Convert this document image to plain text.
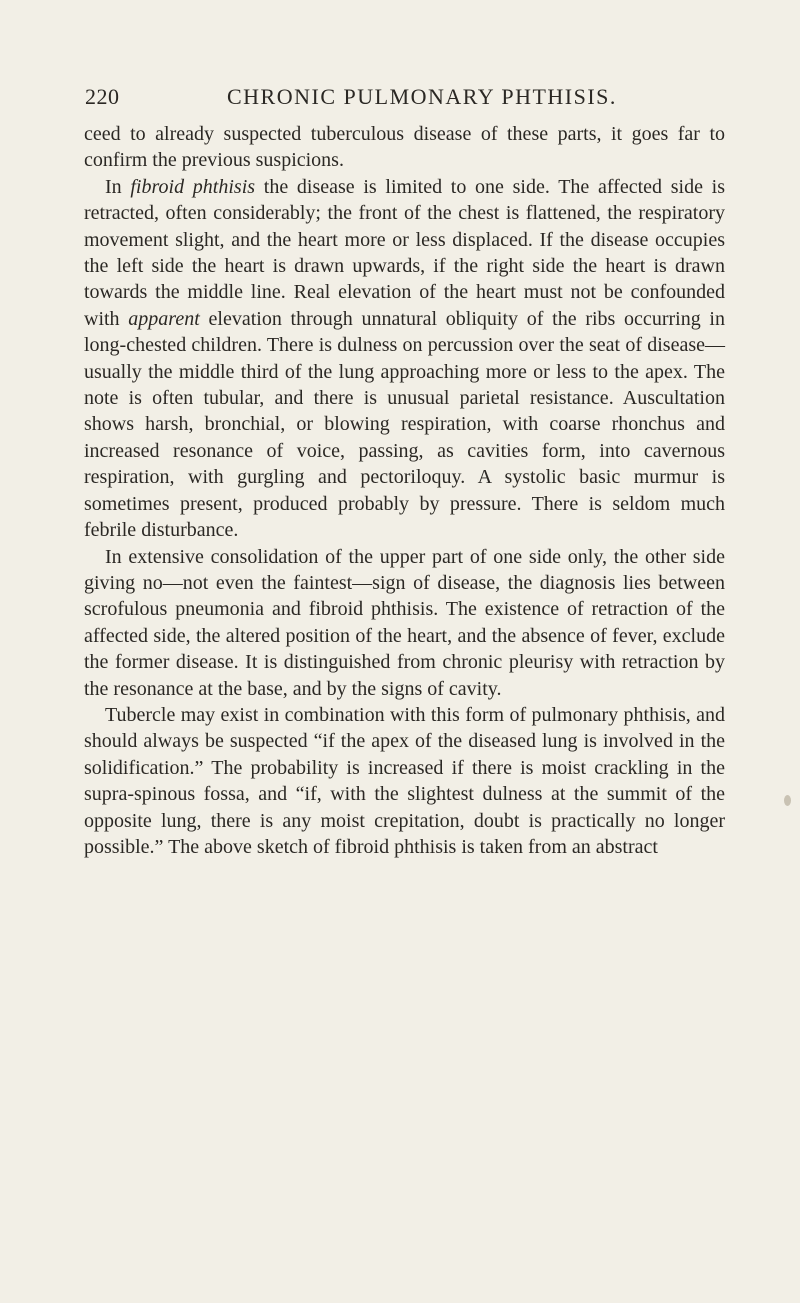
220	CHRONIC PULMONARY PHTHISIS.

ceed to already suspected tuberculous disease of these parts, it goes far to confirm the previous suspicions.

In fibroid phthisis the disease is limited to one side. The affected side is retracted, often considerably; the front of the chest is flattened, the respiratory movement slight, and the heart more or less displaced. If the disease occupies the left side the heart is drawn upwards, if the right side the heart is drawn towards the middle line. Real elevation of the heart must not be confounded with apparent elevation through unnatural obliquity of the ribs occurring in long-chested children. There is dulness on percussion over the seat of disease—usually the middle third of the lung approaching more or less to the apex. The note is often tubular, and there is unusual parietal resistance. Auscultation shows harsh, bronchial, or blowing respiration, with coarse rhonchus and increased resonance of voice, passing, as cavities form, into cavernous respiration, with gurgling and pectoriloquy. A systolic basic murmur is sometimes present, produced probably by pressure. There is seldom much febrile disturbance.

In extensive consolidation of the upper part of one side only, the other side giving no—not even the faintest—sign of disease, the diagnosis lies between scrofulous pneumonia and fibroid phthisis. The existence of retraction of the affected side, the altered position of the heart, and the absence of fever, exclude the former disease. It is distinguished from chronic pleurisy with retraction by the resonance at the base, and by the signs of cavity.

Tubercle may exist in combination with this form of pulmonary phthisis, and should always be suspected “if the apex of the diseased lung is involved in the solidification.” The probability is increased if there is moist crackling in the supra-spinous fossa, and “if, with the slightest dulness at the summit of the opposite lung, there is any moist crepitation, doubt is practically no longer possible.” The above sketch of fibroid phthisis is taken from an abstract
